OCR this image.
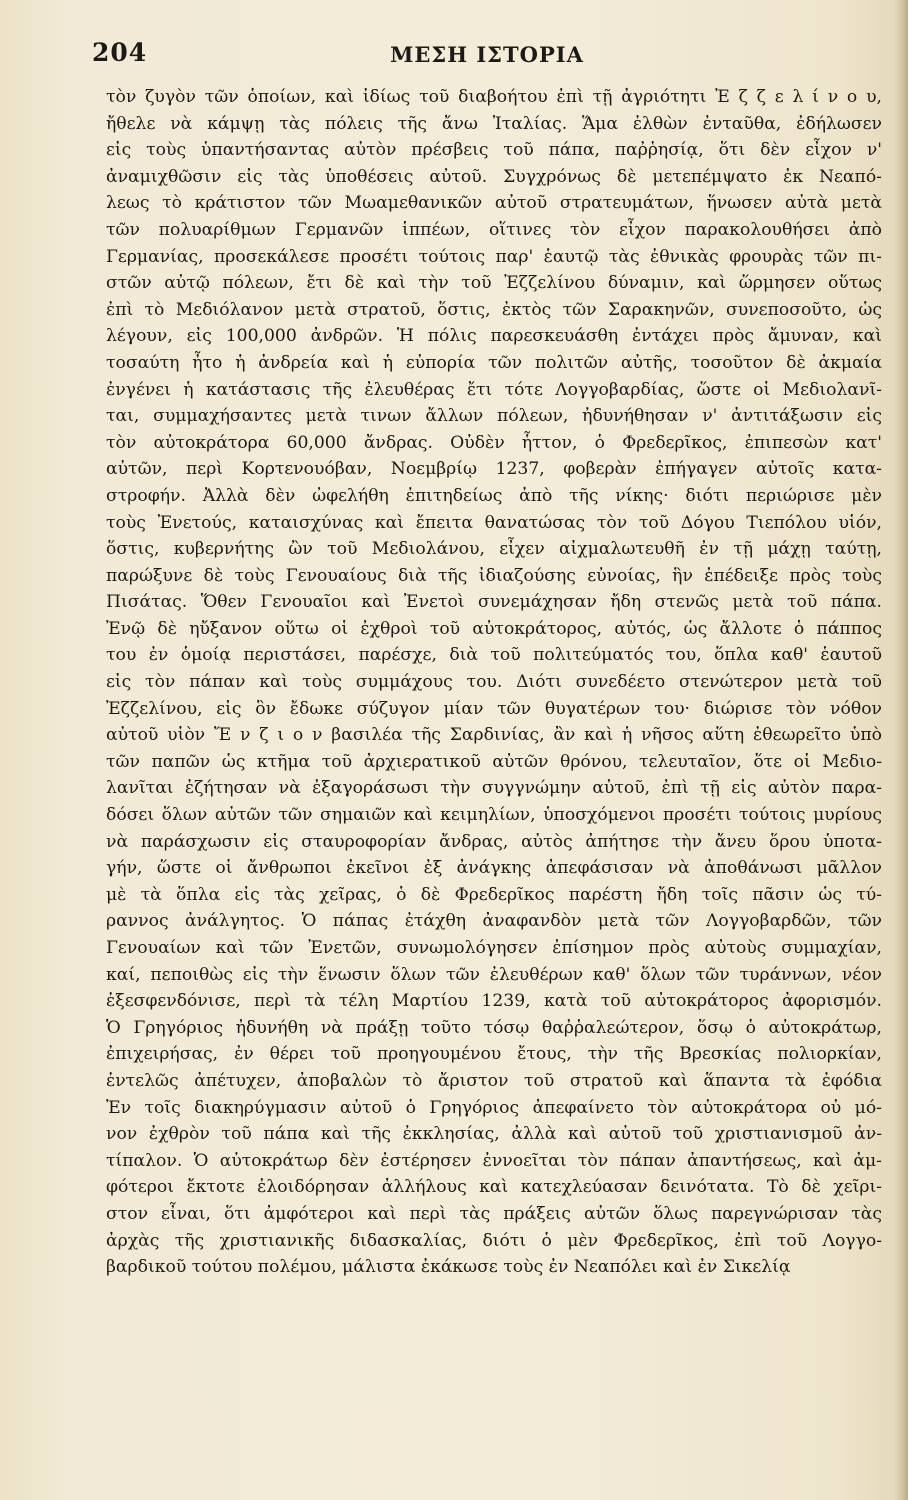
204	ΜΕΣΗ ΙΣΤΟΡΙΑ
τὸν ζυγὸν τῶν ὁποίων, καὶ ἰδίως τοῦ διαβοήτου ἐπὶ τῇ ἀγριότητι Ἐ ζ ζ ε λ ί ν ο υ,
ἤθελε νὰ κάμψῃ τὰς πόλεις τῆς ἄνω Ἰταλίας. Ἅμα ἐλθὼν ἐνταῦθα, ἐδήλωσεν
εἰς τοὺς ὑπαντήσαντας αὐτὸν πρέσβεις τοῦ πάπα, παῤῥησίᾳ, ὅτι δὲν εἶχον ν'
ἀναμιχθῶσιν εἰς τὰς ὑποθέσεις αὐτοῦ. Συγχρόνως δὲ μετεπέμψατο ἐκ Νεαπό-
λεως τὸ κράτιστον τῶν Μωαμεθανικῶν αὐτοῦ στρατευμάτων, ἥνωσεν αὐτὰ μετὰ
τῶν πολυαρίθμων Γερμανῶν ἱππέων, οἵτινες τὸν εἶχον παρακολουθήσει ἀπὸ
Γερμανίας, προσεκάλεσε προσέτι τούτοις παρ' ἑαυτῷ τὰς ἐθνικὰς φρουρὰς τῶν πι-
στῶν αὐτῷ πόλεων, ἔτι δὲ καὶ τὴν τοῦ Ἐζζελίνου δύναμιν, καὶ ὥρμησεν οὕτως
ἐπὶ τὸ Μεδιόλανον μετὰ στρατοῦ, ὅστις, ἐκτὸς τῶν Σαρακηνῶν, συνεποσοῦτο, ὡς
λέγουν, εἰς 100,000 ἀνδρῶν. Ἡ πόλις παρεσκευάσθη ἐντάχει πρὸς ἄμυναν, καὶ
τοσαύτη ἦτο ἡ ἀνδρεία καὶ ἡ εὐπορία τῶν πολιτῶν αὐτῆς, τοσοῦτον δὲ ἀκμαία
ἐνγένει ἡ κατάστασις τῆς ἐλευθέρας ἔτι τότε Λογγοβαρδίας, ὥστε οἱ Μεδιολανῖ-
ται, συμμαχήσαντες μετὰ τινων ἄλλων πόλεων, ἠδυνήθησαν ν' ἀντιτάξωσιν εἰς
τὸν αὐτοκράτορα 60,000 ἄνδρας. Οὐδὲν ἧττον, ὁ Φρεδερῖκος, ἐπιπεσὼν κατ'
αὐτῶν, περὶ Κορτενουόβαν, Νοεμβρίῳ 1237, φοβερὰν ἐπήγαγεν αὐτοῖς κατα-
στροφήν. Ἀλλὰ δὲν ὠφελήθη ἐπιτηδείως ἀπὸ τῆς νίκης· διότι περιώρισε μὲν
τοὺς Ἐνετούς, καταισχύνας καὶ ἔπειτα θανατώσας τὸν τοῦ Δόγου Τιεπόλου υἱόν,
ὅστις, κυβερνήτης ὢν τοῦ Μεδιολάνου, εἶχεν αἰχμαλωτευθῆ ἐν τῇ μάχῃ ταύτῃ,
παρώξυνε δὲ τοὺς Γενουαίους διὰ τῆς ἰδιαζούσης εὐνοίας, ἣν ἐπέδειξε πρὸς τοὺς
Πισάτας. Ὅθεν Γενουαῖοι καὶ Ἐνετοὶ συνεμάχησαν ἤδη στενῶς μετὰ τοῦ πάπα.
Ἐνῷ δὲ ηὔξανον οὕτω οἱ ἐχθροὶ τοῦ αὐτοκράτορος, αὐτός, ὡς ἄλλοτε ὁ πάππος
του ἐν ὁμοίᾳ περιστάσει, παρέσχε, διὰ τοῦ πολιτεύματός του, ὅπλα καθ' ἑαυτοῦ
εἰς τὸν πάπαν καὶ τοὺς συμμάχους του. Διότι συνεδέετο στενώτερον μετὰ τοῦ
Ἐζζελίνου, εἰς ὃν ἔδωκε σύζυγον μίαν τῶν θυγατέρων του· διώρισε τὸν νόθον
αὐτοῦ υἱὸν Ἔ ν ζ ι ο ν βασιλέα τῆς Σαρδινίας, ἂν καὶ ἡ νῆσος αὕτη ἐθεωρεῖτο ὑπὸ
τῶν παπῶν ὡς κτῆμα τοῦ ἀρχιερατικοῦ αὐτῶν θρόνου, τελευταῖον, ὅτε οἱ Μεδιο-
λανῖται ἐζήτησαν νὰ ἐξαγοράσωσι τὴν συγγνώμην αὐτοῦ, ἐπὶ τῇ εἰς αὐτὸν παρα-
δόσει ὅλων αὐτῶν τῶν σημαιῶν καὶ κειμηλίων, ὑποσχόμενοι προσέτι τούτοις μυρίους
νὰ παράσχωσιν εἰς σταυροφορίαν ἄνδρας, αὐτὸς ἀπήτησε τὴν ἄνευ ὅρου ὑποτα-
γήν, ὥστε οἱ ἄνθρωποι ἐκεῖνοι ἐξ ἀνάγκης ἀπεφάσισαν νὰ ἀποθάνωσι μᾶλλον
μὲ τὰ ὅπλα εἰς τὰς χεῖρας, ὁ δὲ Φρεδερῖκος παρέστη ἤδη τοῖς πᾶσιν ὡς τύ-
ραννος ἀνάλγητος. Ὁ πάπας ἐτάχθη ἀναφανδὸν μετὰ τῶν Λογγοβαρδῶν, τῶν
Γενουαίων καὶ τῶν Ἐνετῶν, συνωμολόγησεν ἐπίσημον πρὸς αὐτοὺς συμμαχίαν,
καί, πεποιθὼς εἰς τὴν ἕνωσιν ὅλων τῶν ἐλευθέρων καθ' ὅλων τῶν τυράννων, νέον
ἐξεσφενδόνισε, περὶ τὰ τέλη Μαρτίου 1239, κατὰ τοῦ αὐτοκράτορος ἀφορισμόν.
Ὁ Γρηγόριος ἠδυνήθη νὰ πράξῃ τοῦτο τόσῳ θαῤῥαλεώτερον, ὅσῳ ὁ αὐτοκράτωρ,
ἐπιχειρήσας, ἐν θέρει τοῦ προηγουμένου ἔτους, τὴν τῆς Βρεσκίας πολιορκίαν,
ἐντελῶς ἀπέτυχεν, ἀποβαλὼν τὸ ἄριστον τοῦ στρατοῦ καὶ ἅπαντα τὰ ἐφόδια
Ἐν τοῖς διακηρύγμασιν αὐτοῦ ὁ Γρηγόριος ἀπεφαίνετο τὸν αὐτοκράτορα οὐ μό-
νον ἐχθρὸν τοῦ πάπα καὶ τῆς ἐκκλησίας, ἀλλὰ καὶ αὐτοῦ τοῦ χριστιανισμοῦ ἀν-
τίπαλον. Ὁ αὐτοκράτωρ δὲν ἐστέρησεν ἐννοεῖται τὸν πάπαν ἀπαντήσεως, καὶ ἀμ-
φότεροι ἔκτοτε ἐλοιδόρησαν ἀλλήλους καὶ κατεχλεύασαν δεινότατα. Τὸ δὲ χεῖρι-
στον εἶναι, ὅτι ἀμφότεροι καὶ περὶ τὰς πράξεις αὐτῶν ὅλως παρεγνώρισαν τὰς
ἀρχὰς τῆς χριστιανικῆς διδασκαλίας, διότι ὁ μὲν Φρεδερῖκος, ἐπὶ τοῦ Λογγο-
βαρδικοῦ τούτου πολέμου, μάλιστα ἐκάκωσε τοὺς ἐν Νεαπόλει καὶ ἐν Σικελίᾳ
